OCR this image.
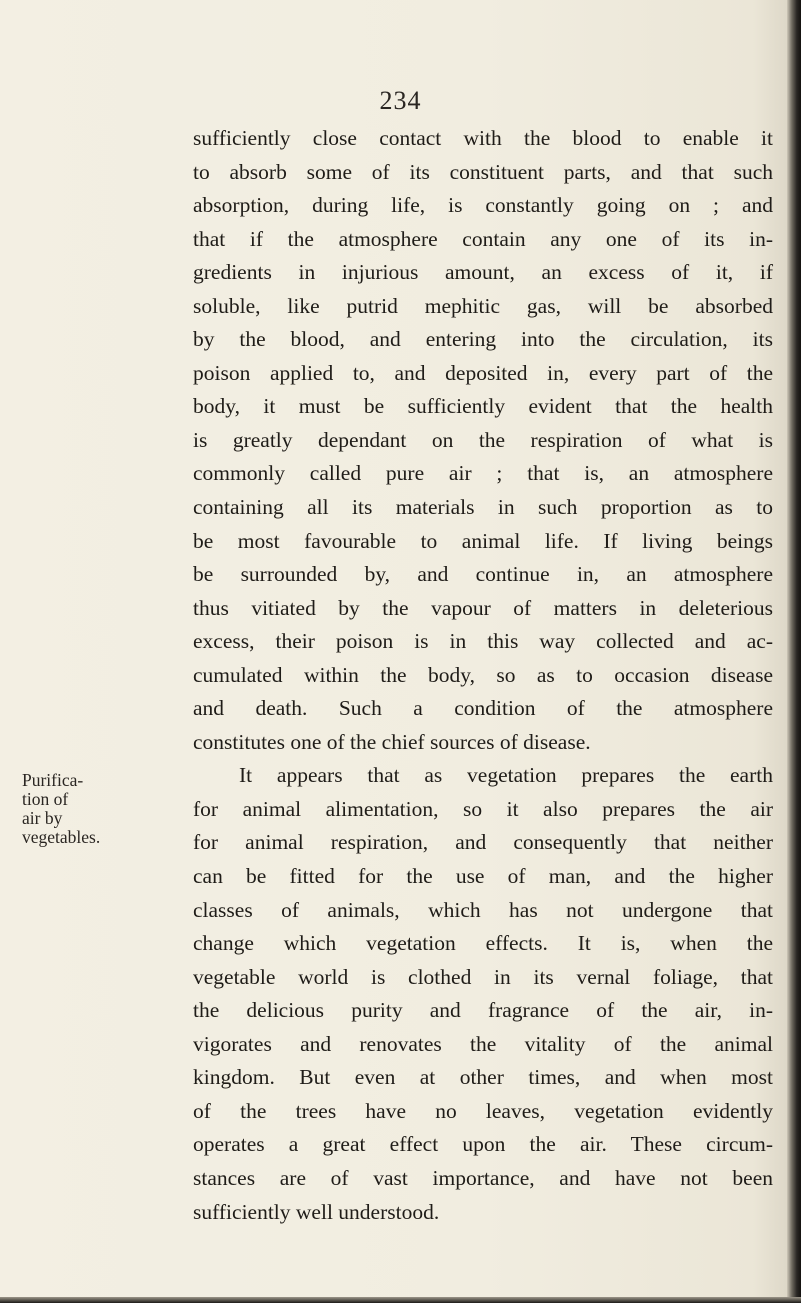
234
Purifica-
tion of
air by
vegetables.
sufficiently close contact with the blood to enable it
to absorb some of its constituent parts, and that such
absorption, during life, is constantly going on ; and
that if the atmosphere contain any one of its in-
gredients in injurious amount, an excess of it, if
soluble, like putrid mephitic gas, will be absorbed
by the blood, and entering into the circulation, its
poison applied to, and deposited in, every part of the
body, it must be sufficiently evident that the health
is greatly dependant on the respiration of what is
commonly called pure air ; that is, an atmosphere
containing all its materials in such proportion as to
be most favourable to animal life. If living beings
be surrounded by, and continue in, an atmosphere
thus vitiated by the vapour of matters in deleterious
excess, their poison is in this way collected and ac-
cumulated within the body, so as to occasion disease
and death. Such a condition of the atmosphere
constitutes one of the chief sources of disease.
It appears that as vegetation prepares the earth
for animal alimentation, so it also prepares the air
for animal respiration, and consequently that neither
can be fitted for the use of man, and the higher
classes of animals, which has not undergone that
change which vegetation effects. It is, when the
vegetable world is clothed in its vernal foliage, that
the delicious purity and fragrance of the air, in-
vigorates and renovates the vitality of the animal
kingdom. But even at other times, and when most
of the trees have no leaves, vegetation evidently
operates a great effect upon the air. These circum-
stances are of vast importance, and have not been
sufficiently well understood.
